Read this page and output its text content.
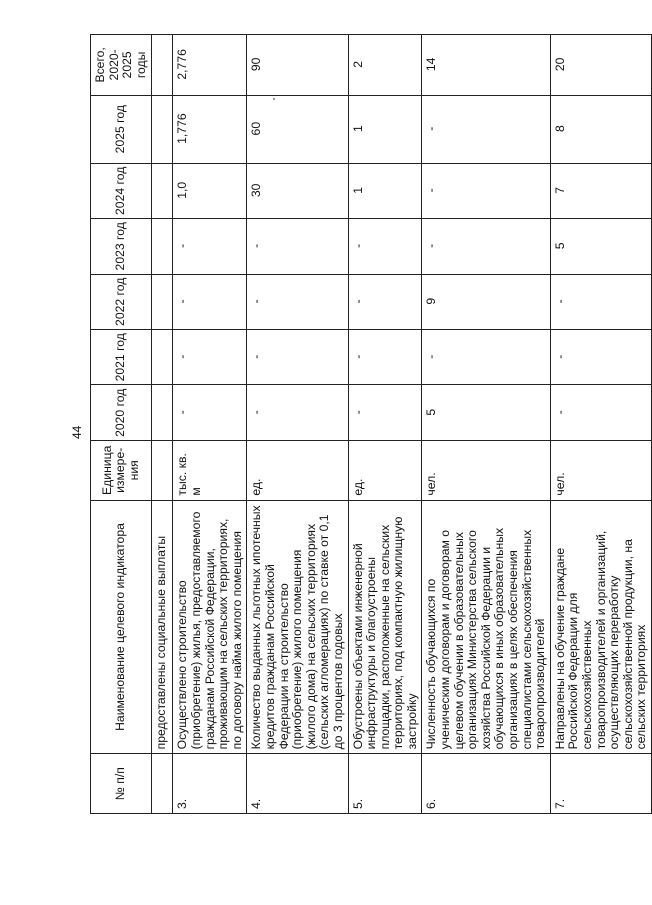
44
№ п/п	Наименование целевого индикатора	Единица измере-ния	2020 год	2021 год	2022 год	2023 год	2024 год	2025 год	Всего, 2020-2025 годы
	предоставлены социальные выплаты								
3.	Осуществлено строительство (приобретение) жилья, предоставляемого гражданам Российской Федерации, проживающим на сельских территориях, по договору найма жилого помещения	тыс. кв. м	-	-	-	-	1,0	1,776	2,776
4.	Количество выданных льготных ипотечных кредитов гражданам Российской Федерации на строительство (приобретение) жилого помещения (жилого дома) на сельских территориях (сельских агломерациях) по ставке от 0,1 до 3 процентов годовых	ед.	-	-	-	-	30	60	90
5.	Обустроены объектами инженерной инфраструктуры и благоустроены площадки, расположенные на сельских территориях, под компактную жилищную застройку	ед.	-	-	-	-	1	1	2
6.	Численность обучающихся по ученическим договорам и договорам о целевом обучении в образовательных организациях Министерства сельского хозяйства Российской Федерации и обучающихся в иных образовательных организациях в целях обеспечения специалистами сельскохозяйственных товаропроизводителей	чел.	5	-	9	-	-	-	14
7.	Направлены на обучение граждане Российской Федерации для сельскохозяйственных товаропроизводителей и организаций, осуществляющих переработку сельскохозяйственной продукции, на сельских территориях	чел.	-	-	-	5	7	8	20
